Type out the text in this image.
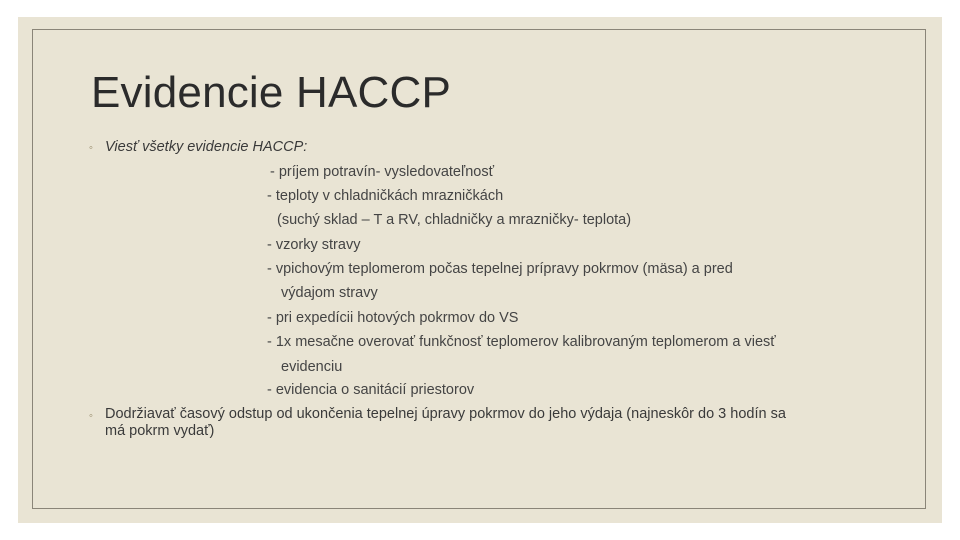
Evidencie HACCP
◦ Viesť všetky evidencie HACCP:
- príjem potravín- vysledovateľnosť
- teploty v chladničkách mrazničkách
(suchý sklad – T a RV, chladničky a mrazničky- teplota)
- vzorky stravy
- vpichovým teplomerom počas tepelnej prípravy pokrmov (mäsa) a pred
výdajom stravy
- pri expedícii hotových pokrmov do VS
- 1x mesačne overovať funkčnosť teplomerov kalibrovaným teplomerom a viesť
evidenciu
- evidencia o sanitácií priestorov
◦ Dodržiavať časový odstup od ukončenia tepelnej úpravy pokrmov do jeho výdaja (najneskôr do 3 hodín sa
má pokrm vydať)
